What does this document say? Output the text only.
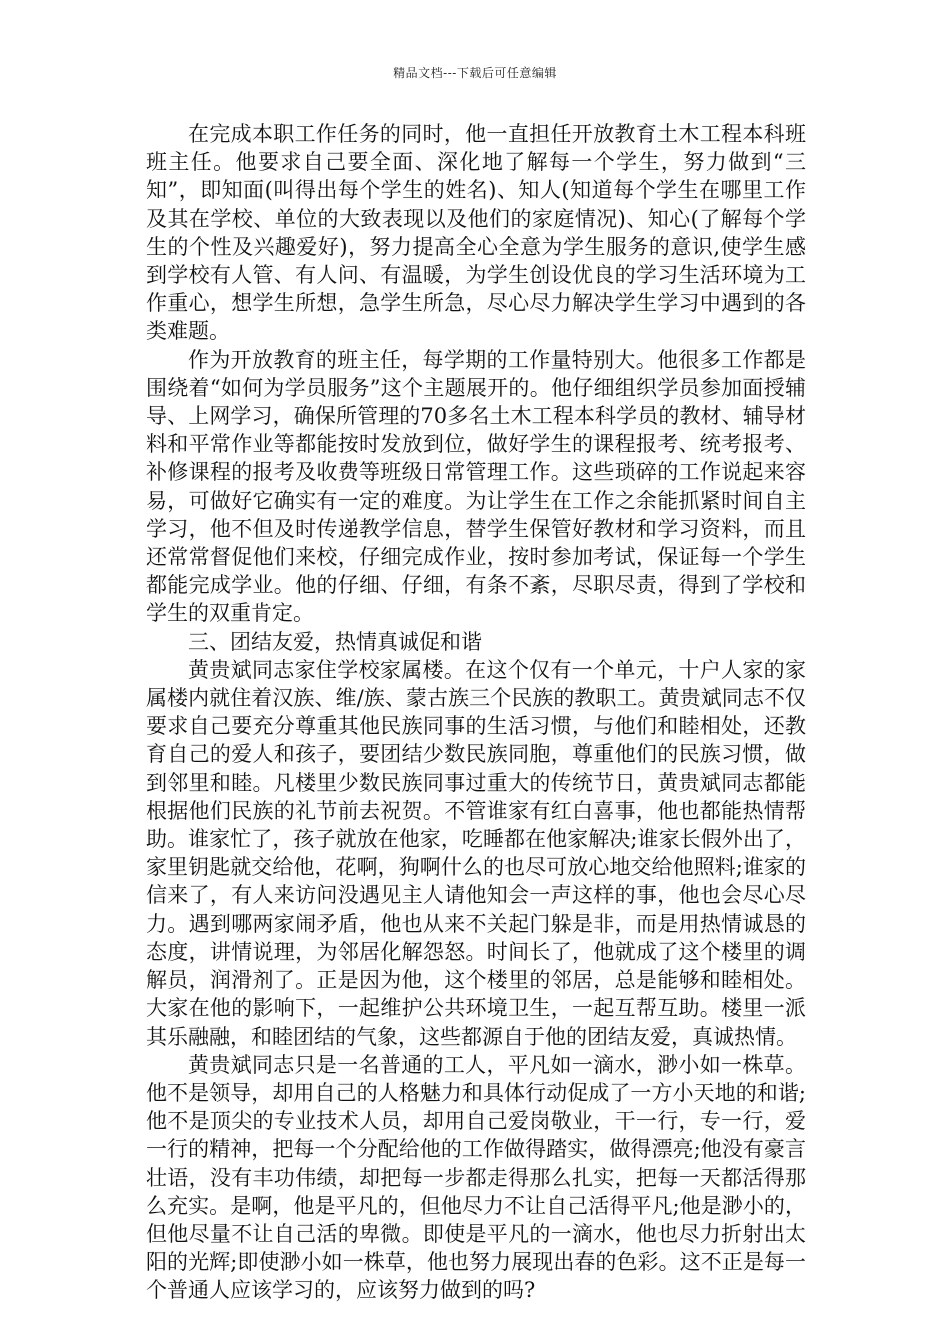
精品文档---下载后可任意编辑

在完成本职工作任务的同时，他一直担任开放教育土木工程本科班班主任。他要求自己要全面、深化地了解每一个学生，努力做到“三知”，即知面(叫得出每个学生的姓名)、知人(知道每个学生在哪里工作及其在学校、单位的大致表现以及他们的家庭情况)、知心(了解每个学生的个性及兴趣爱好)，努力提高全心全意为学生服务的意识,使学生感到学校有人管、有人问、有温暖，为学生创设优良的学习生活环境为工作重心，想学生所想，急学生所急，尽心尽力解决学生学习中遇到的各类难题。

作为开放教育的班主任，每学期的工作量特别大。他很多工作都是围绕着“如何为学员服务”这个主题展开的。他仔细组织学员参加面授辅导、上网学习，确保所管理的70多名土木工程本科学员的教材、辅导材料和平常作业等都能按时发放到位，做好学生的课程报考、统考报考、补修课程的报考及收费等班级日常管理工作。这些琐碎的工作说起来容易，可做好它确实有一定的难度。为让学生在工作之余能抓紧时间自主学习，他不但及时传递教学信息，替学生保管好教材和学习资料，而且还常常督促他们来校，仔细完成作业，按时参加考试，保证每一个学生都能完成学业。他的仔细、仔细，有条不紊，尽职尽责，得到了学校和学生的双重肯定。

三、团结友爱，热情真诚促和谐

黄贵斌同志家住学校家属楼。在这个仅有一个单元，十户人家的家属楼内就住着汉族、维/族、蒙古族三个民族的教职工。黄贵斌同志不仅要求自己要充分尊重其他民族同事的生活习惯，与他们和睦相处，还教育自己的爱人和孩子，要团结少数民族同胞，尊重他们的民族习惯，做到邻里和睦。凡楼里少数民族同事过重大的传统节日，黄贵斌同志都能根据他们民族的礼节前去祝贺。不管谁家有红白喜事，他也都能热情帮助。谁家忙了，孩子就放在他家，吃睡都在他家解决;谁家长假外出了，家里钥匙就交给他，花啊，狗啊什么的也尽可放心地交给他照料;谁家的信来了，有人来访问没遇见主人请他知会一声这样的事，他也会尽心尽力。遇到哪两家闹矛盾，他也从来不关起门躲是非，而是用热情诚恳的态度，讲情说理，为邻居化解怨怒。时间长了，他就成了这个楼里的调解员，润滑剂了。正是因为他，这个楼里的邻居，总是能够和睦相处。大家在他的影响下，一起维护公共环境卫生，一起互帮互助。楼里一派其乐融融，和睦团结的气象，这些都源自于他的团结友爱，真诚热情。

黄贵斌同志只是一名普通的工人，平凡如一滴水，渺小如一株草。他不是领导，却用自己的人格魅力和具体行动促成了一方小天地的和谐;他不是顶尖的专业技术人员，却用自己爱岗敬业，干一行，专一行，爱一行的精神，把每一个分配给他的工作做得踏实，做得漂亮;他没有豪言壮语，没有丰功伟绩，却把每一步都走得那么扎实，把每一天都活得那么充实。是啊，他是平凡的，但他尽力不让自己活得平凡;他是渺小的，但他尽量不让自己活的卑微。即使是平凡的一滴水，他也尽力折射出太阳的光辉;即使渺小如一株草，他也努力展现出春的色彩。这不正是每一个普通人应该学习的，应该努力做到的吗?
